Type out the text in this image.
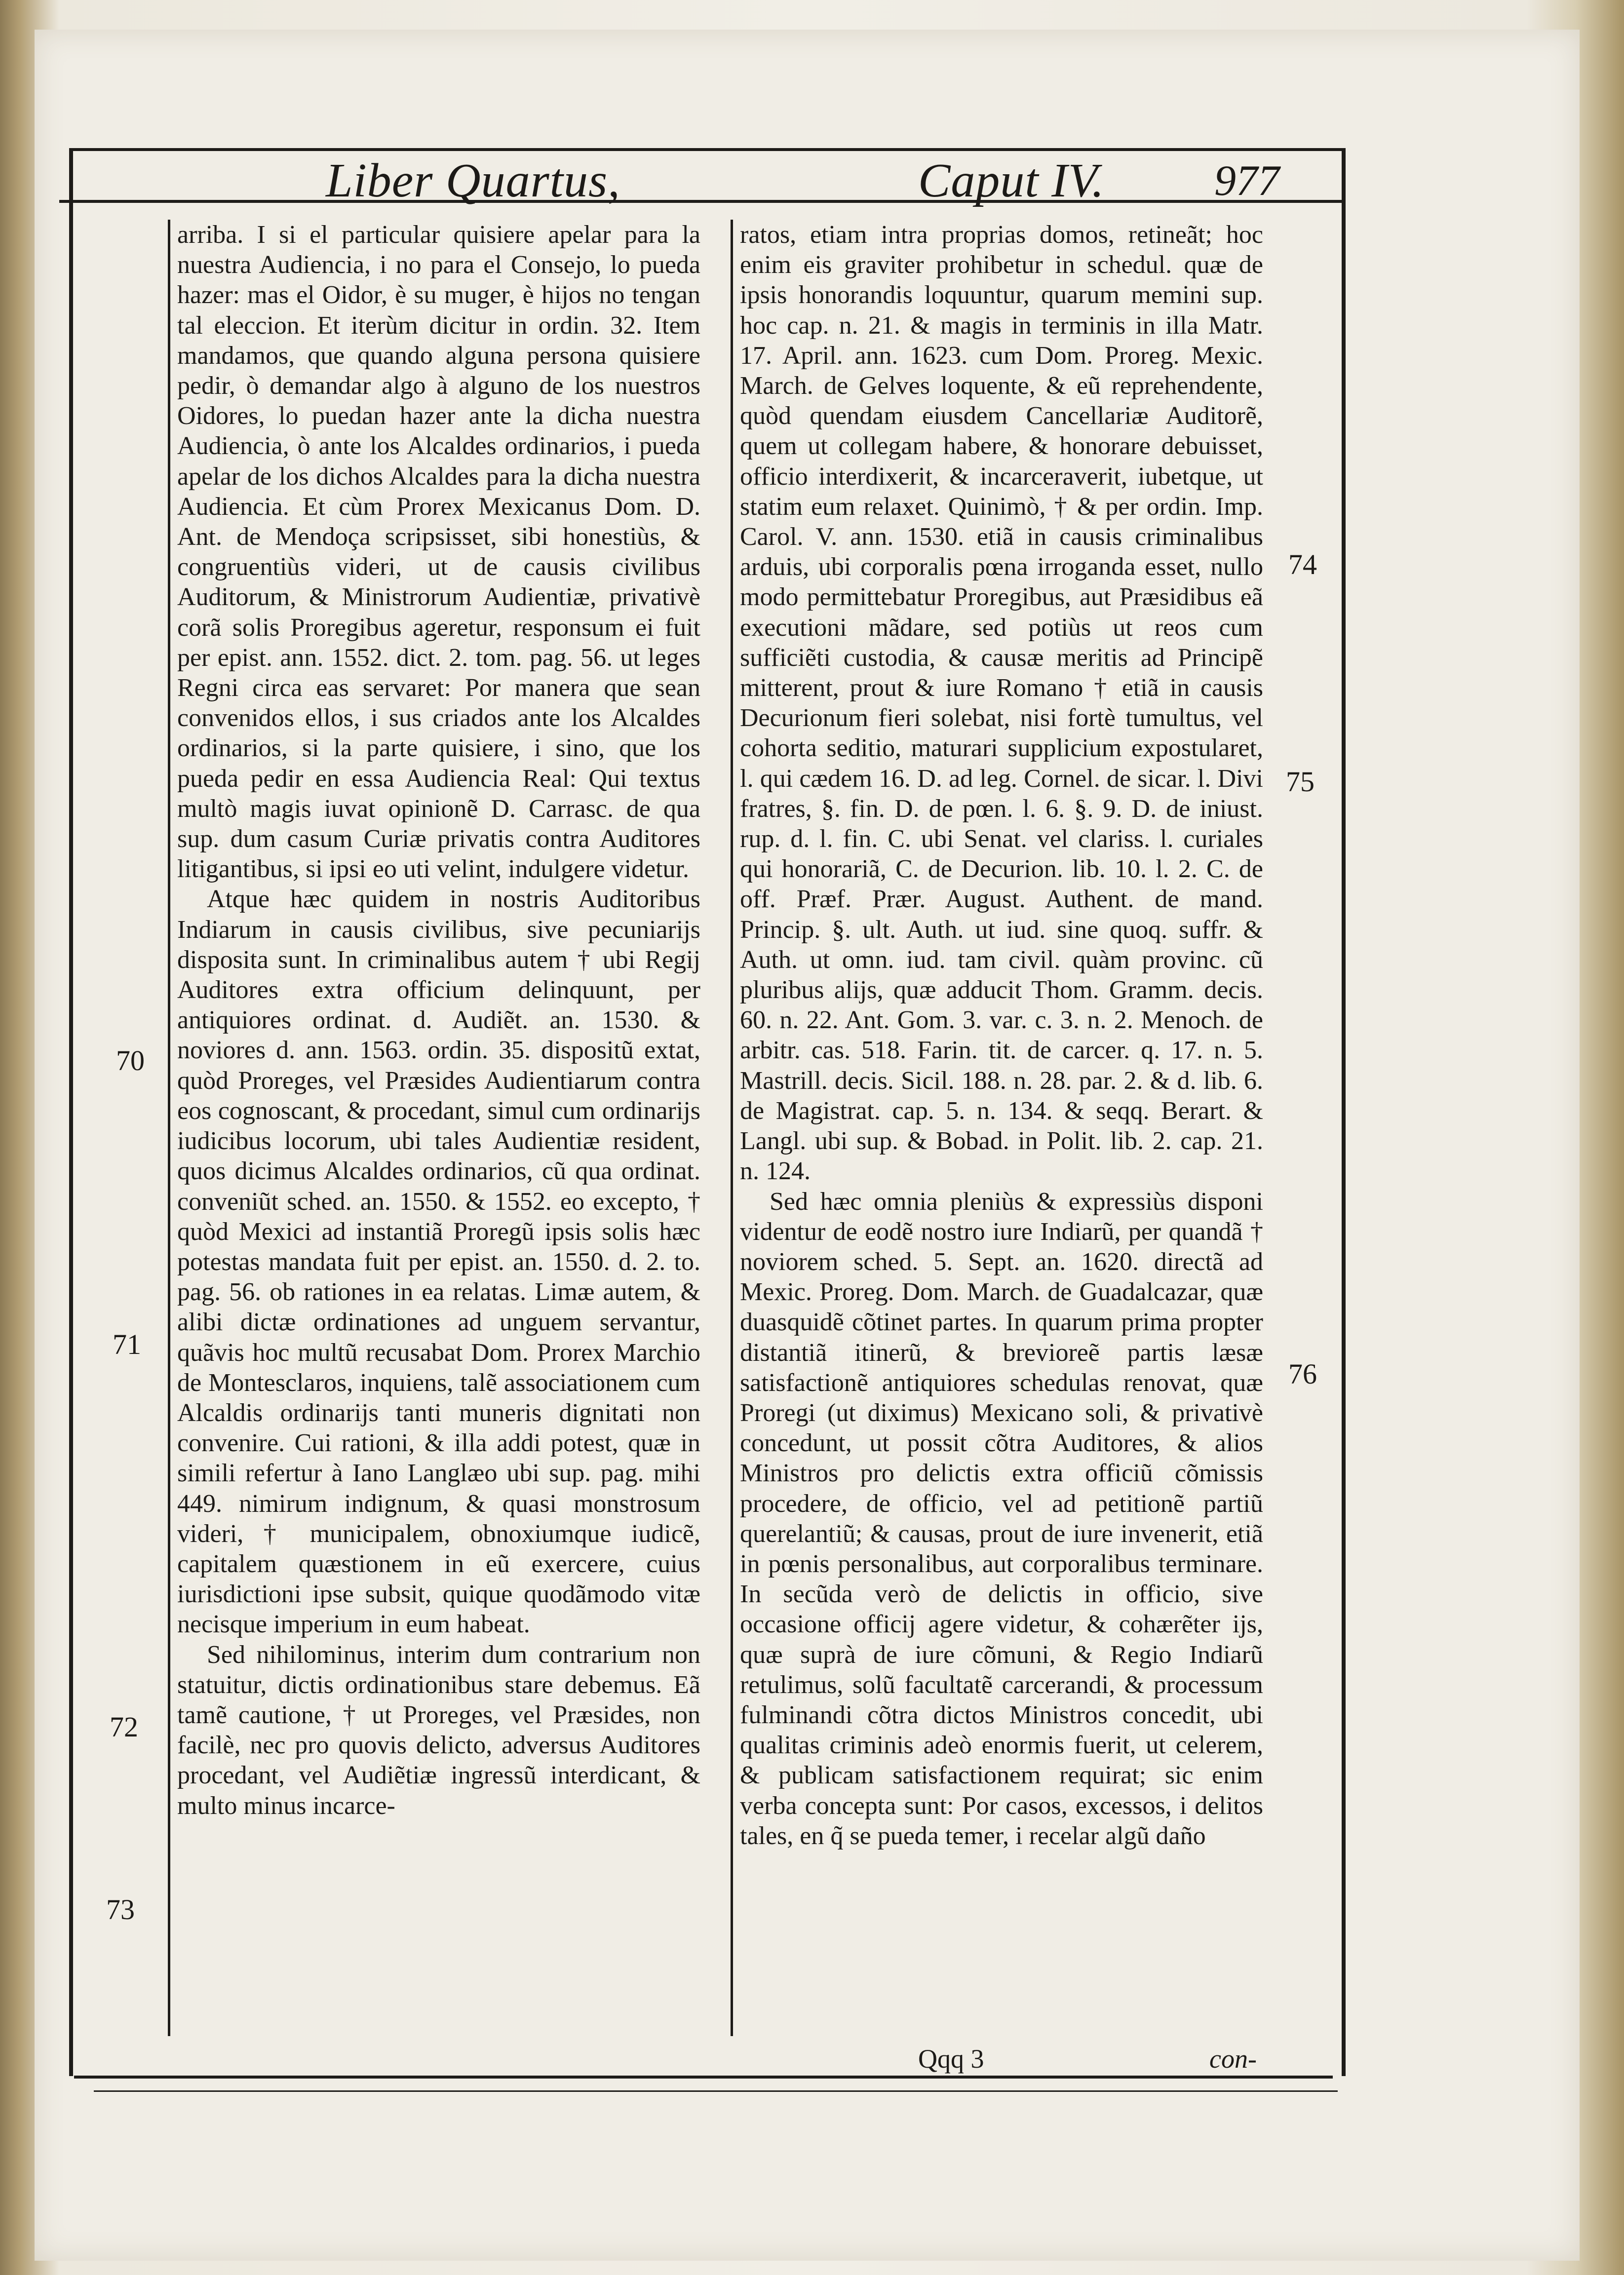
Liber Quartus,	Caput IV.	977

arriba. I si el particular quisiere apelar para la nuestra Audiencia, i no para el Consejo, lo pueda hazer: mas el Oidor, è su muger, è hijos no tengan tal eleccion. Et iterùm dicitur in ordin. 32. Item mandamos, que quando alguna persona quisiere pedir, ò demandar algo à alguno de los nuestros Oidores, lo puedan hazer ante la dicha nuestra Audiencia, ò ante los Alcaldes ordinarios, i pueda apelar de los dichos Alcaldes para la dicha nuestra Audiencia. Et cùm Prorex Mexicanus Dom. D. Ant. de Mendoça scripsisset, sibi honestiùs, & congruentiùs videri, ut de causis civilibus Auditorum, & Ministrorum Audientiæ, privativè corã solis Proregibus ageretur, responsum ei fuit per epist. ann. 1552. dict. 2. tom. pag. 56. ut leges Regni circa eas servaret: Por manera que sean convenidos ellos, i sus criados ante los Alcaldes ordinarios, si la parte quisiere, i sino, que los pueda pedir en essa Audiencia Real: Qui textus multò magis iuvat opinionẽ D. Carrasc. de qua sup. dum casum Curiæ privatis contra Auditores litigantibus, si ipsi eo uti velint, indulgere videtur.

Atque hæc quidem in nostris Auditoribus Indiarum in causis civilibus, sive pecuniarijs disposita sunt. In criminalibus autem † ubi Regij Auditores extra officium delinquunt, per antiquiores ordinat. d. Audiẽt. an. 1530. & noviores d. ann. 1563. ordin. 35. dispositũ extat, quòd Proreges, vel Præsides Audientiarum contra eos cognoscant, & procedant, simul cum ordinarijs iudicibus locorum, ubi tales Audientiæ resident, quos dicimus Alcaldes ordinarios, cũ qua ordinat. conveniũt sched. an. 1550. & 1552. eo excepto, † quòd Mexici ad instantiã Proregũ ipsis solis hæc potestas mandata fuit per epist. an. 1550. d. 2. to. pag. 56. ob rationes in ea relatas. Limæ autem, & alibi dictæ ordinationes ad unguem servantur, quãvis hoc multũ recusabat Dom. Prorex Marchio de Montesclaros, inquiens, talẽ associationem cum Alcaldis ordinarijs tanti muneris dignitati non convenire. Cui rationi, & illa addi potest, quæ in simili refertur à Iano Langlæo ubi sup. pag. mihi 449. nimirum indignum, & quasi monstrosum videri, † municipalem, obnoxiumque iudicẽ, capitalem quæstionem in eũ exercere, cuius iurisdictioni ipse subsit, quique quodãmodo vitæ necisque imperium in eum habeat.

Sed nihilominus, interim dum contrarium non statuitur, dictis ordinationibus stare debemus. Eã tamẽ cautione, † ut Proreges, vel Præsides, non facilè, nec pro quovis delicto, adversus Auditores procedant, vel Audiẽtiæ ingressũ interdicant, & multo minus incarce-

ratos, etiam intra proprias domos, retineãt; hoc enim eis graviter prohibetur in schedul. quæ de ipsis honorandis loquuntur, quarum memini sup. hoc cap. n. 21. & magis in terminis in illa Matr. 17. April. ann. 1623. cum Dom. Proreg. Mexic. March. de Gelves loquente, & eũ reprehendente, quòd quendam eiusdem Cancellariæ Auditorẽ, quem ut collegam habere, & honorare debuisset, officio interdixerit, & incarceraverit, iubetque, ut statim eum relaxet. Quinimò, † & per ordin. Imp. Carol. V. ann. 1530. etiã in causis criminalibus arduis, ubi corporalis pœna irroganda esset, nullo modo permittebatur Proregibus, aut Præsidibus eã executioni mãdare, sed potiùs ut reos cum sufficiẽti custodia, & causæ meritis ad Principẽ mitterent, prout & iure Romano † etiã in causis Decurionum fieri solebat, nisi fortè tumultus, vel cohorta seditio, maturari supplicium expostularet, l. qui cædem 16. D. ad leg. Cornel. de sicar. l. Divi fratres, §. fin. D. de pœn. l. 6. §. 9. D. de iniust. rup. d. l. fin. C. ubi Senat. vel clariss. l. curiales qui honorariã, C. de Decurion. lib. 10. l. 2. C. de off. Præf. Prær. August. Authent. de mand. Princip. §. ult. Auth. ut iud. sine quoq. suffr. & Auth. ut omn. iud. tam civil. quàm provinc. cũ pluribus alijs, quæ adducit Thom. Gramm. decis. 60. n. 22. Ant. Gom. 3. var. c. 3. n. 2. Menoch. de arbitr. cas. 518. Farin. tit. de carcer. q. 17. n. 5. Mastrill. decis. Sicil. 188. n. 28. par. 2. & d. lib. 6. de Magistrat. cap. 5. n. 134. & seqq. Berart. & Langl. ubi sup. & Bobad. in Polit. lib. 2. cap. 21. n. 124.

Sed hæc omnia pleniùs & expressiùs disponi videntur de eodẽ nostro iure Indiarũ, per quandã † noviorem sched. 5. Sept. an. 1620. directã ad Mexic. Proreg. Dom. March. de Guadalcazar, quæ duasquidẽ cõtinet partes. In quarum prima propter distantiã itinerũ, & brevioreẽ partis læsæ satisfactionẽ antiquiores schedulas renovat, quæ Proregi (ut diximus) Mexicano soli, & privativè concedunt, ut possit cõtra Auditores, & alios Ministros pro delictis extra officiũ cõmissis procedere, de officio, vel ad petitionẽ partiũ querelantiũ; & causas, prout de iure invenerit, etiã in pœnis personalibus, aut corporalibus terminare. In secũda verò de delictis in officio, sive occasione officij agere videtur, & cohærẽter ijs, quæ suprà de iure cõmuni, & Regio Indiarũ retulimus, solũ facultatẽ carcerandi, & processum fulminandi cõtra dictos Ministros concedit, ubi qualitas criminis adeò enormis fuerit, ut celerem, & publicam satisfactionem requirat; sic enim verba concepta sunt: Por casos, excessos, i delitos tales, en q̃ se pueda temer, i recelar algũ daño

70
71
72
73
74
75
76
Qqq 3	con-
